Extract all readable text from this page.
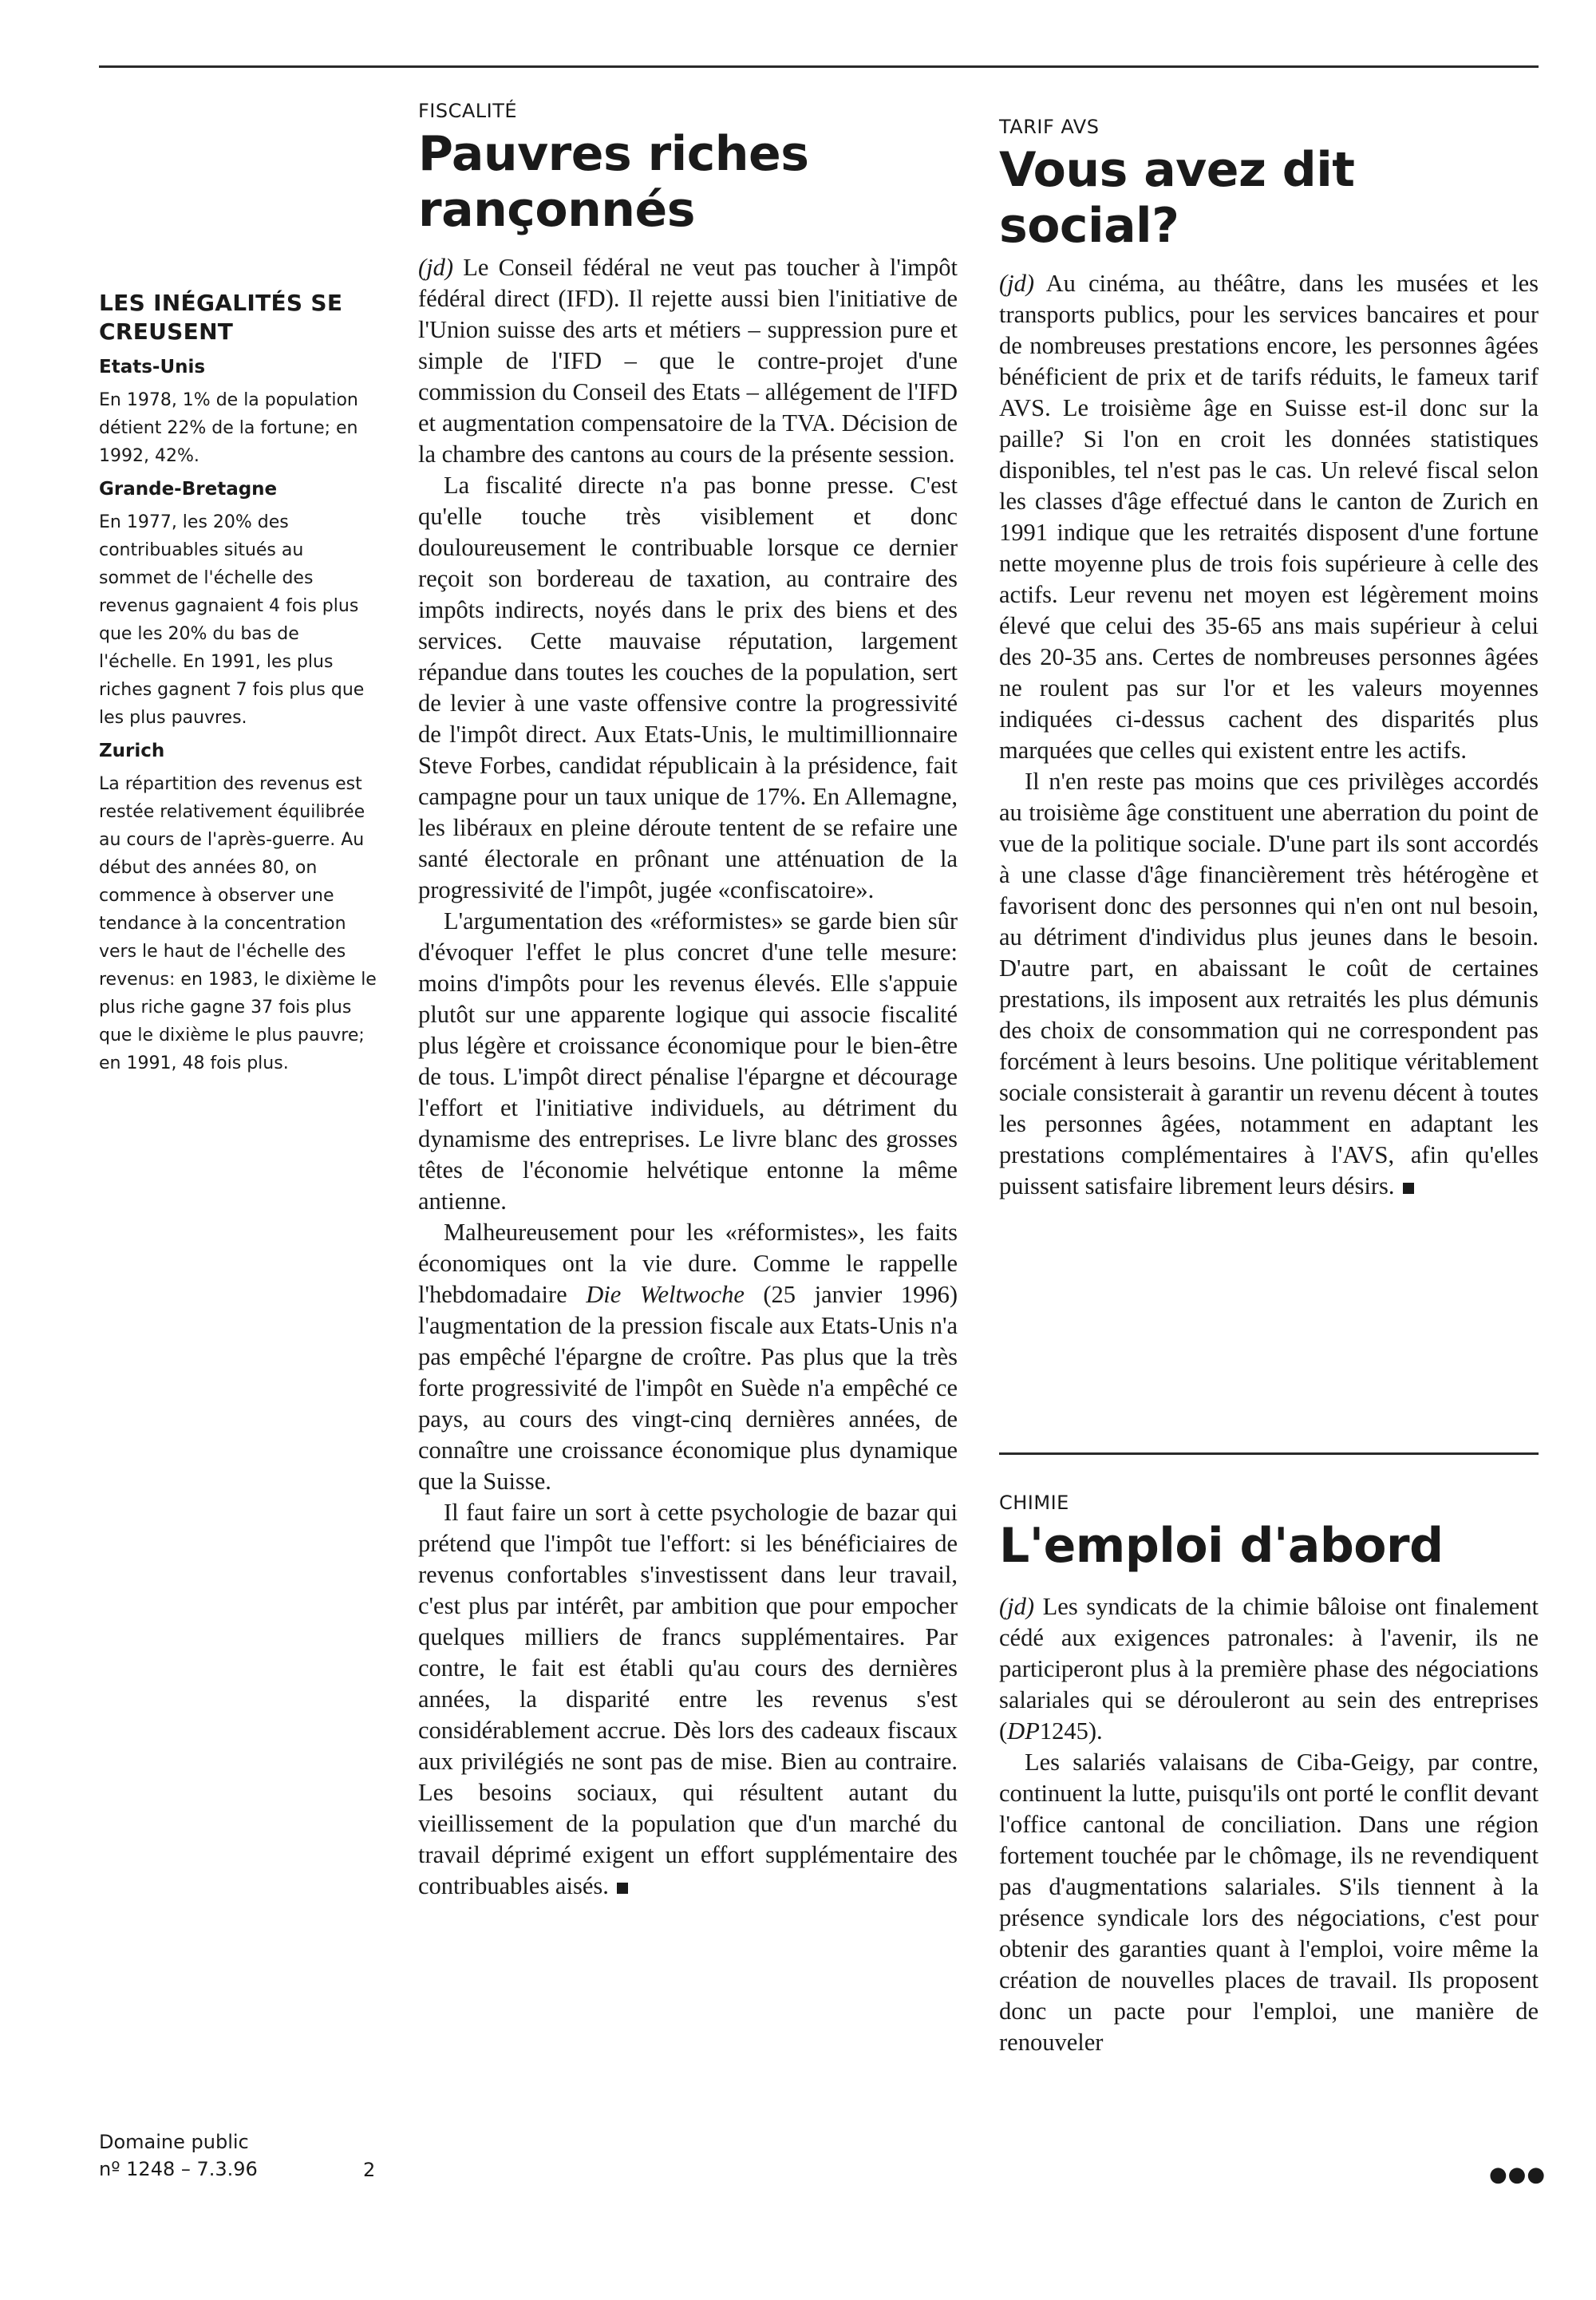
LES INÉGALITÉS SE CREUSENT
Etats-Unis
En 1978, 1% de la population détient 22% de la fortune; en 1992, 42%.
Grande-Bretagne
En 1977, les 20% des contribuables situés au sommet de l'échelle des revenus gagnaient 4 fois plus que les 20% du bas de l'échelle. En 1991, les plus riches gagnent 7 fois plus que les plus pauvres.
Zurich
La répartition des revenus est restée relativement équilibrée au cours de l'après-guerre. Au début des années 80, on commence à observer une tendance à la concentration vers le haut de l'échelle des revenus: en 1983, le dixième le plus riche gagne 37 fois plus que le dixième le plus pauvre; en 1991, 48 fois plus.
Domaine public
nº 1248 – 7.3.96	2
FISCALITÉ
Pauvres riches
rançonnés

(jd) Le Conseil fédéral ne veut pas toucher à l'impôt fédéral direct (IFD). Il rejette aussi bien l'initiative de l'Union suisse des arts et métiers – suppression pure et simple de l'IFD – que le contre-projet d'une commission du Conseil des Etats – allégement de l'IFD et augmentation compensatoire de la TVA. Décision de la chambre des cantons au cours de la présente session.

La fiscalité directe n'a pas bonne presse. C'est qu'elle touche très visiblement et donc douloureusement le contribuable lorsque ce dernier reçoit son bordereau de taxation, au contraire des impôts indirects, noyés dans le prix des biens et des services. Cette mauvaise réputation, largement répandue dans toutes les couches de la population, sert de levier à une vaste offensive contre la progressivité de l'impôt direct. Aux Etats-Unis, le multimillionnaire Steve Forbes, candidat républicain à la présidence, fait campagne pour un taux unique de 17%. En Allemagne, les libéraux en pleine déroute tentent de se refaire une santé électorale en prônant une atténuation de la progressivité de l'impôt, jugée «confiscatoire».

L'argumentation des «réformistes» se garde bien sûr d'évoquer l'effet le plus concret d'une telle mesure: moins d'impôts pour les revenus élevés. Elle s'appuie plutôt sur une apparente logique qui associe fiscalité plus légère et croissance économique pour le bien-être de tous. L'impôt direct pénalise l'épargne et décourage l'effort et l'initiative individuels, au détriment du dynamisme des entreprises. Le livre blanc des grosses têtes de l'économie helvétique entonne la même antienne.

Malheureusement pour les «réformistes», les faits économiques ont la vie dure. Comme le rappelle l'hebdomadaire Die Weltwoche (25 janvier 1996) l'augmentation de la pression fiscale aux Etats-Unis n'a pas empêché l'épargne de croître. Pas plus que la très forte progressivité de l'impôt en Suède n'a empêché ce pays, au cours des vingt-cinq dernières années, de connaître une croissance économique plus dynamique que la Suisse.

Il faut faire un sort à cette psychologie de bazar qui prétend que l'impôt tue l'effort: si les bénéficiaires de revenus confortables s'investissent dans leur travail, c'est plus par intérêt, par ambition que pour empocher quelques milliers de francs supplémentaires. Par contre, le fait est établi qu'au cours des dernières années, la disparité entre les revenus s'est considérablement accrue. Dès lors des cadeaux fiscaux aux privilégiés ne sont pas de mise. Bien au contraire. Les besoins sociaux, qui résultent autant du vieillissement de la population que d'un marché du travail déprimé exigent un effort supplémentaire des contribuables aisés.

TARIF AVS
Vous avez dit social?

(jd) Au cinéma, au théâtre, dans les musées et les transports publics, pour les services bancaires et pour de nombreuses prestations encore, les personnes âgées bénéficient de prix et de tarifs réduits, le fameux tarif AVS. Le troisième âge en Suisse est-il donc sur la paille? Si l'on en croit les données statistiques disponibles, tel n'est pas le cas. Un relevé fiscal selon les classes d'âge effectué dans le canton de Zurich en 1991 indique que les retraités disposent d'une fortune nette moyenne plus de trois fois supérieure à celle des actifs. Leur revenu net moyen est légèrement moins élevé que celui des 35-65 ans mais supérieur à celui des 20-35 ans. Certes de nombreuses personnes âgées ne roulent pas sur l'or et les valeurs moyennes indiquées ci-dessus cachent des disparités plus marquées que celles qui existent entre les actifs.

Il n'en reste pas moins que ces privilèges accordés au troisième âge constituent une aberration du point de vue de la politique sociale. D'une part ils sont accordés à une classe d'âge financièrement très hétérogène et favorisent donc des personnes qui n'en ont nul besoin, au détriment d'individus plus jeunes dans le besoin. D'autre part, en abaissant le coût de certaines prestations, ils imposent aux retraités les plus démunis des choix de consommation qui ne correspondent pas forcément à leurs besoins. Une politique véritablement sociale consisterait à garantir un revenu décent à toutes les personnes âgées, notamment en adaptant les prestations complémentaires à l'AVS, afin qu'elles puissent satisfaire librement leurs désirs.

CHIMIE
L'emploi d'abord

(jd) Les syndicats de la chimie bâloise ont finalement cédé aux exigences patronales: à l'avenir, ils ne participeront plus à la première phase des négociations salariales qui se dérouleront au sein des entreprises (DP1245).

Les salariés valaisans de Ciba-Geigy, par contre, continuent la lutte, puisqu'ils ont porté le conflit devant l'office cantonal de conciliation. Dans une région fortement touchée par le chômage, ils ne revendiquent pas d'augmentations salariales. S'ils tiennent à la présence syndicale lors des négociations, c'est pour obtenir des garanties quant à l'emploi, voire même la création de nouvelles places de travail. Ils proposent donc un pacte pour l'emploi, une manière de renouveler

●●●
